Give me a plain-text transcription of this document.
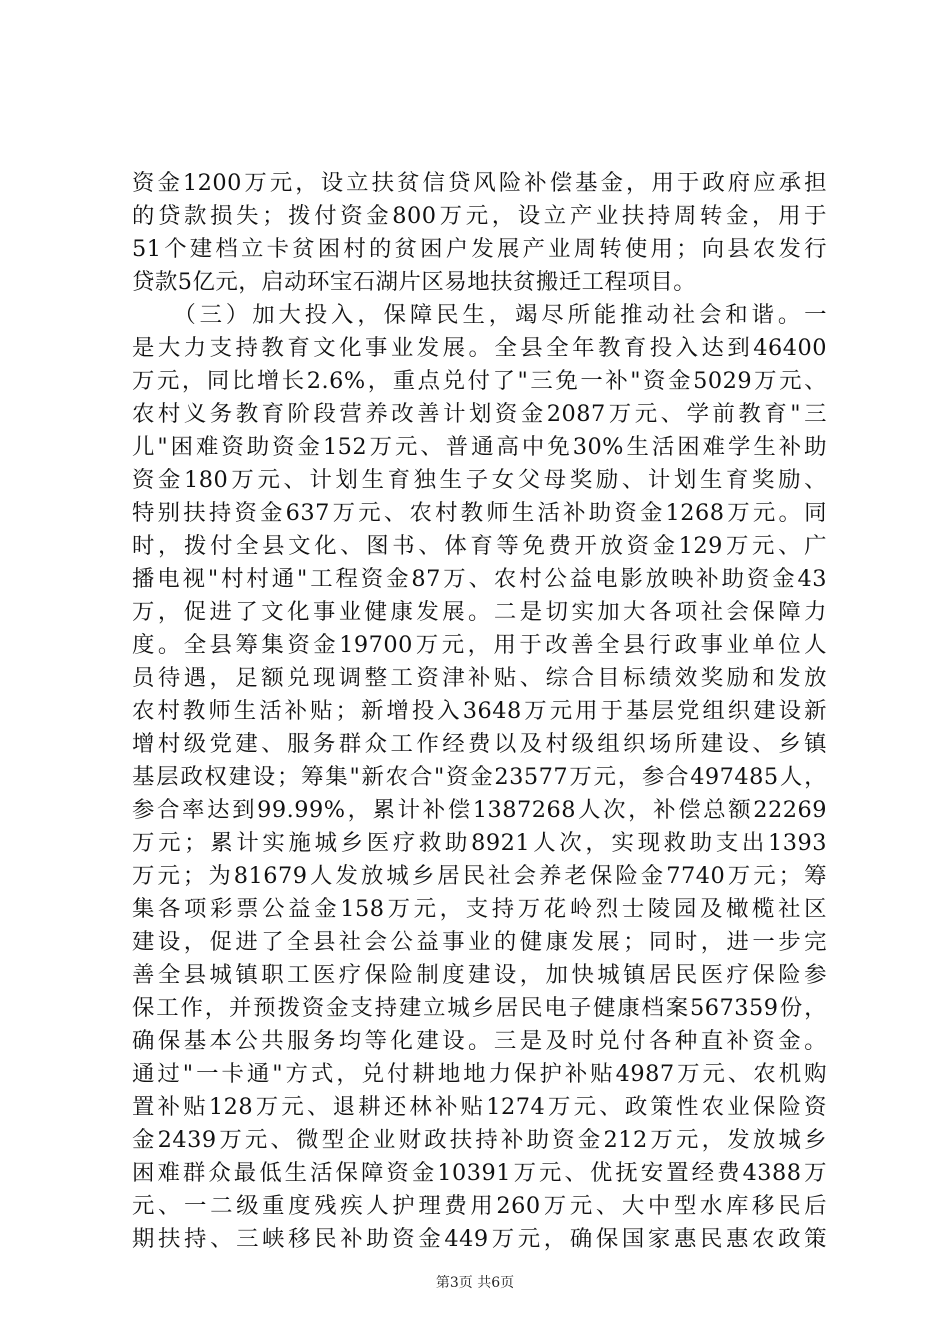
资金1200万元，设立扶贫信贷风险补偿基金，用于政府应承担
的贷款损失；拨付资金800万元，设立产业扶持周转金，用于
51个建档立卡贫困村的贫困户发展产业周转使用；向县农发行
贷款5亿元，启动环宝石湖片区易地扶贫搬迁工程项目。
　　（三）加大投入，保障民生，竭尽所能推动社会和谐。一
是大力支持教育文化事业发展。全县全年教育投入达到46400
万元，同比增长2.6%，重点兑付了"三免一补"资金5029万元、
农村义务教育阶段营养改善计划资金2087万元、学前教育"三
儿"困难资助资金152万元、普通高中免30%生活困难学生补助
资金180万元、计划生育独生子女父母奖励、计划生育奖励、
特别扶持资金637万元、农村教师生活补助资金1268万元。同
时，拨付全县文化、图书、体育等免费开放资金129万元、广
播电视"村村通"工程资金87万、农村公益电影放映补助资金43
万，促进了文化事业健康发展。二是切实加大各项社会保障力
度。全县筹集资金19700万元，用于改善全县行政事业单位人
员待遇，足额兑现调整工资津补贴、综合目标绩效奖励和发放
农村教师生活补贴；新增投入3648万元用于基层党组织建设新
增村级党建、服务群众工作经费以及村级组织场所建设、乡镇
基层政权建设；筹集"新农合"资金23577万元，参合497485人，
参合率达到99.99%，累计补偿1387268人次，补偿总额22269
万元；累计实施城乡医疗救助8921人次，实现救助支出1393
万元；为81679人发放城乡居民社会养老保险金7740万元；筹
集各项彩票公益金158万元，支持万花岭烈士陵园及橄榄社区
建设，促进了全县社会公益事业的健康发展；同时，进一步完
善全县城镇职工医疗保险制度建设，加快城镇居民医疗保险参
保工作，并预拨资金支持建立城乡居民电子健康档案567359份，
确保基本公共服务均等化建设。三是及时兑付各种直补资金。
通过"一卡通"方式，兑付耕地地力保护补贴4987万元、农机购
置补贴128万元、退耕还林补贴1274万元、政策性农业保险资
金2439万元、微型企业财政扶持补助资金212万元，发放城乡
困难群众最低生活保障资金10391万元、优抚安置经费4388万
元、一二级重度残疾人护理费用260万元、大中型水库移民后
期扶持、三峡移民补助资金449万元，确保国家惠民惠农政策
第3页 共6页
